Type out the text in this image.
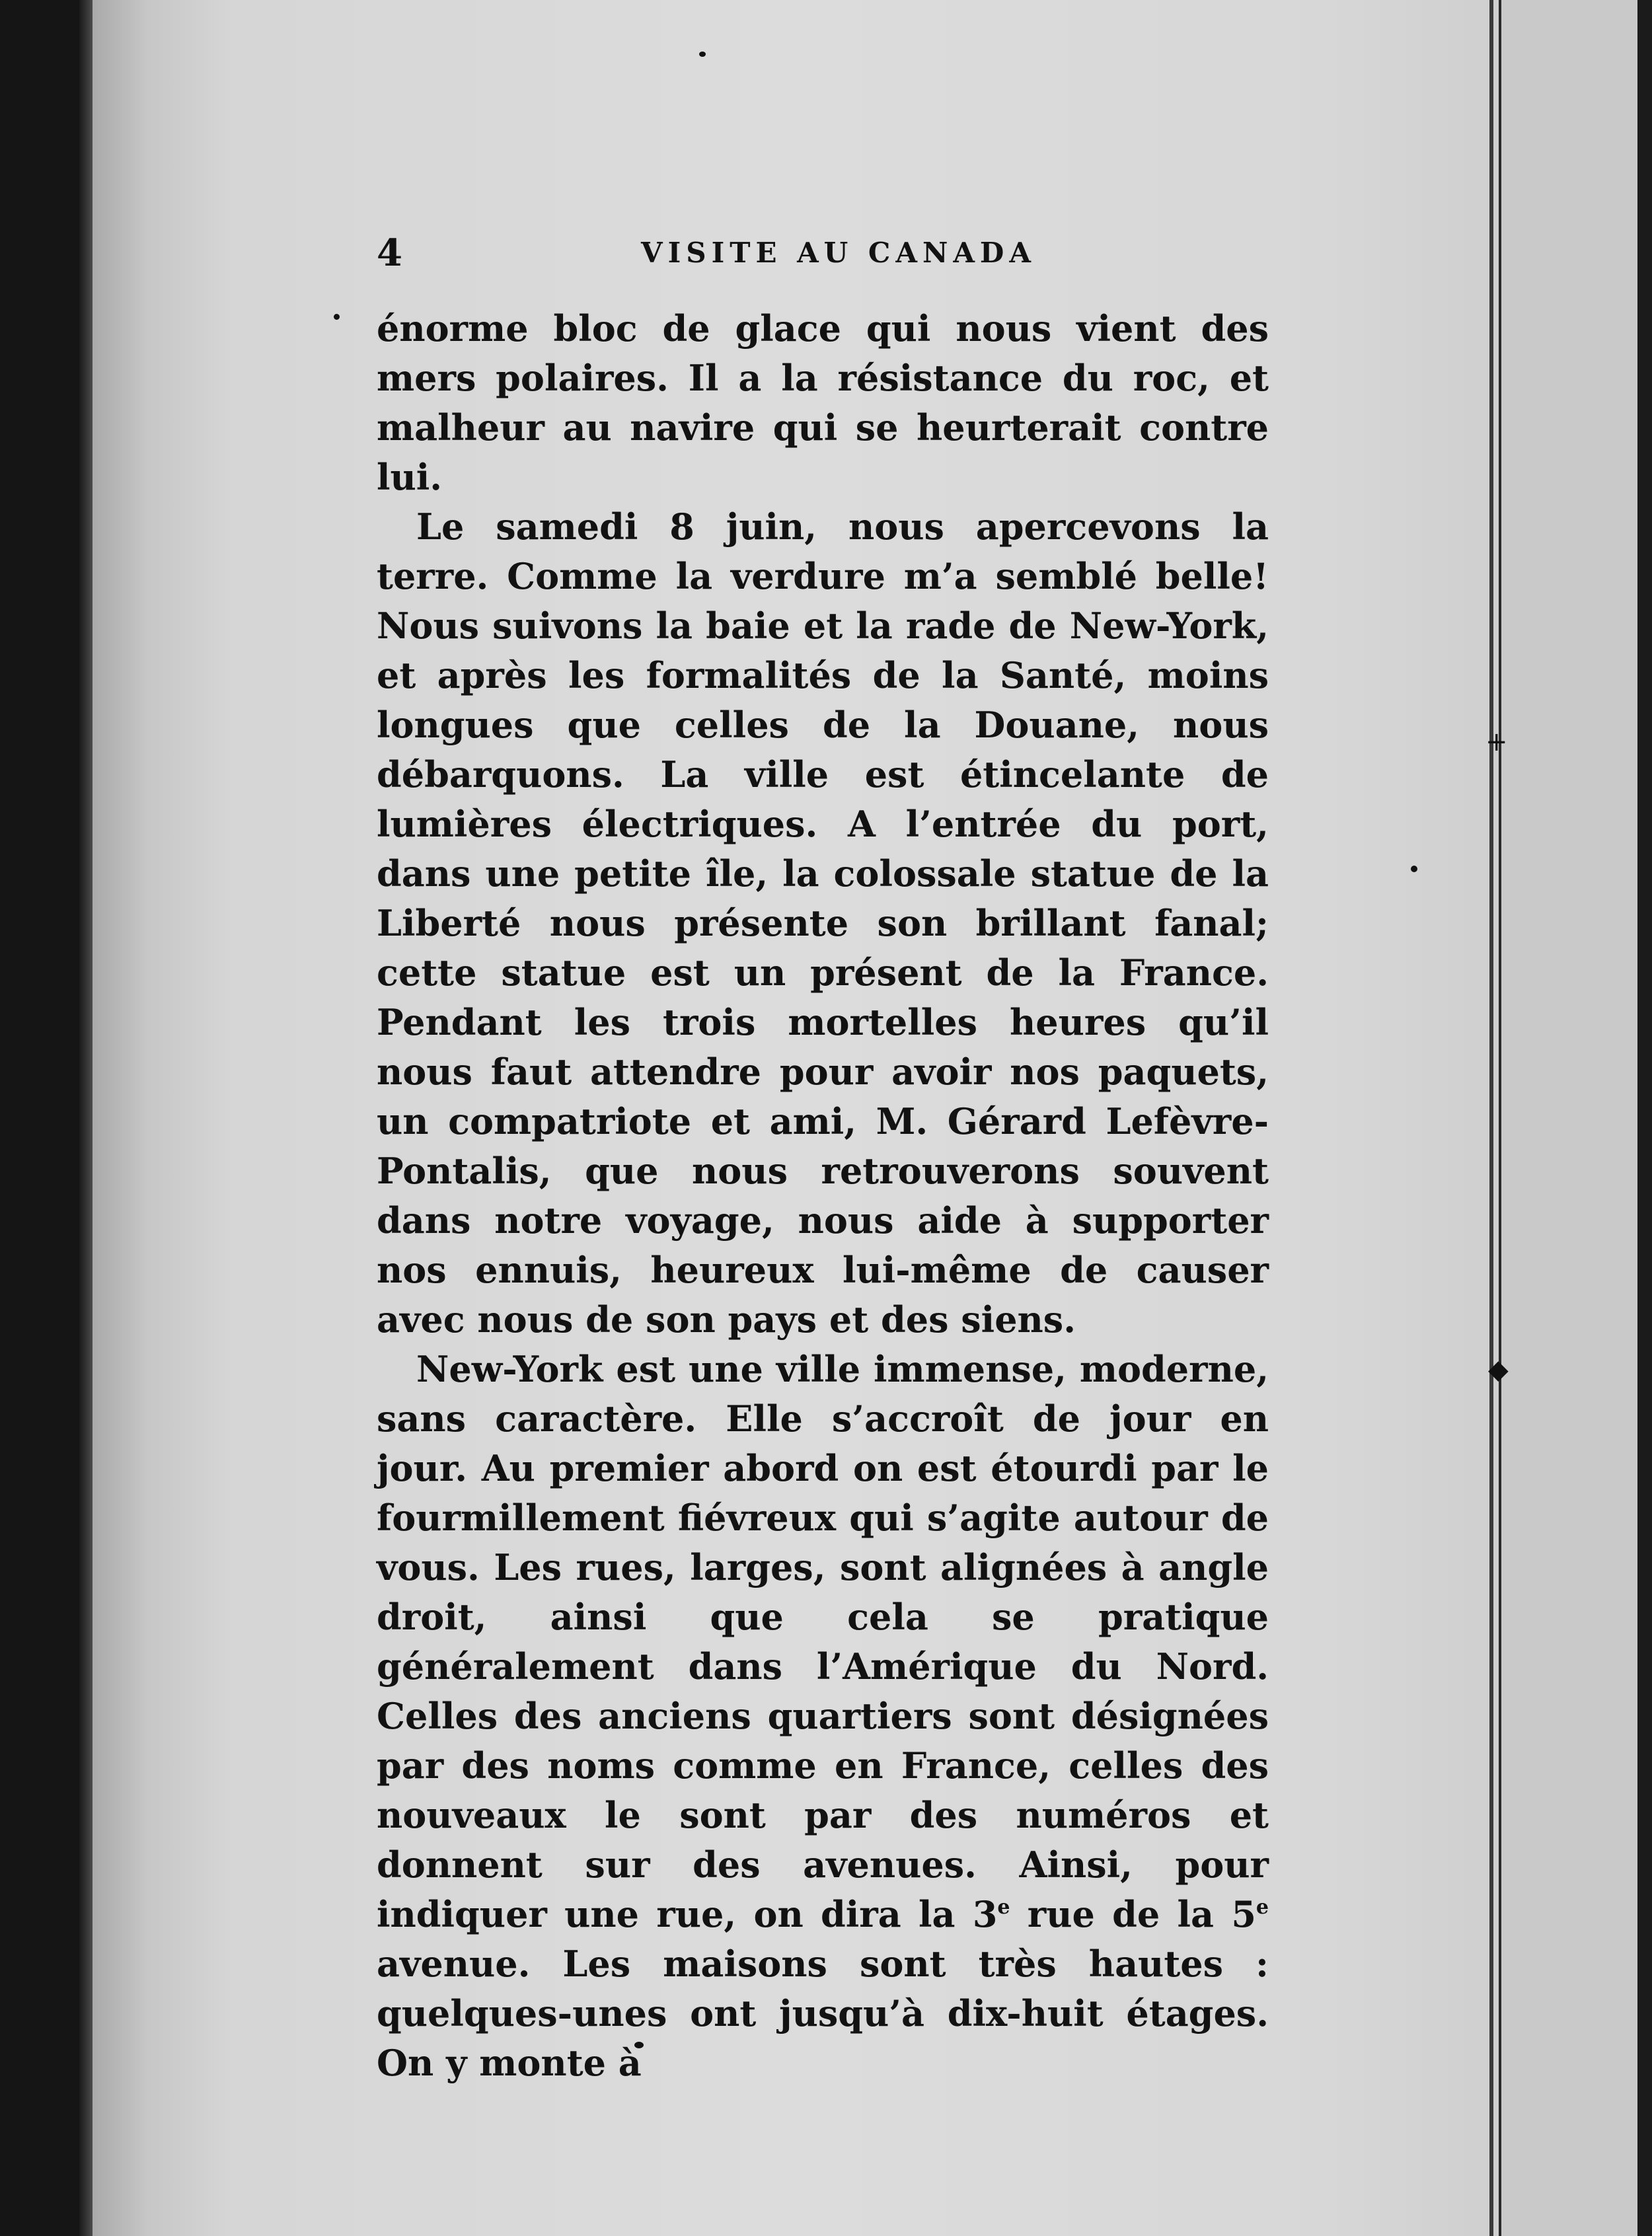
+
◆
4	VISITE AU CANADA

énorme bloc de glace qui nous vient des mers polaires. Il a la résistance du roc, et malheur au navire qui se heurterait contre lui.

Le samedi 8 juin, nous apercevons la terre. Comme la verdure m’a semblé belle! Nous suivons la baie et la rade de New-York, et après les formalités de la Santé, moins longues que celles de la Douane, nous débarquons. La ville est étincelante de lumières électriques. A l’entrée du port, dans une petite île, la colossale statue de la Liberté nous présente son brillant fanal; cette statue est un présent de la France. Pendant les trois mortelles heures qu’il nous faut attendre pour avoir nos paquets, un compatriote et ami, M. Gérard Lefèvre-Pontalis, que nous retrouverons souvent dans notre voyage, nous aide à supporter nos ennuis, heureux lui-même de causer avec nous de son pays et des siens.

New-York est une ville immense, moderne, sans caractère. Elle s’accroît de jour en jour. Au premier abord on est étourdi par le fourmillement fiévreux qui s’agite autour de vous. Les rues, larges, sont alignées à angle droit, ainsi que cela se pratique généralement dans l’Amérique du Nord. Celles des anciens quartiers sont désignées par des noms comme en France, celles des nouveaux le sont par des numéros et donnent sur des avenues. Ainsi, pour indiquer une rue, on dira la 3e rue de la 5e avenue. Les maisons sont très hautes : quelques-unes ont jusqu’à dix-huit étages. On y monte à
